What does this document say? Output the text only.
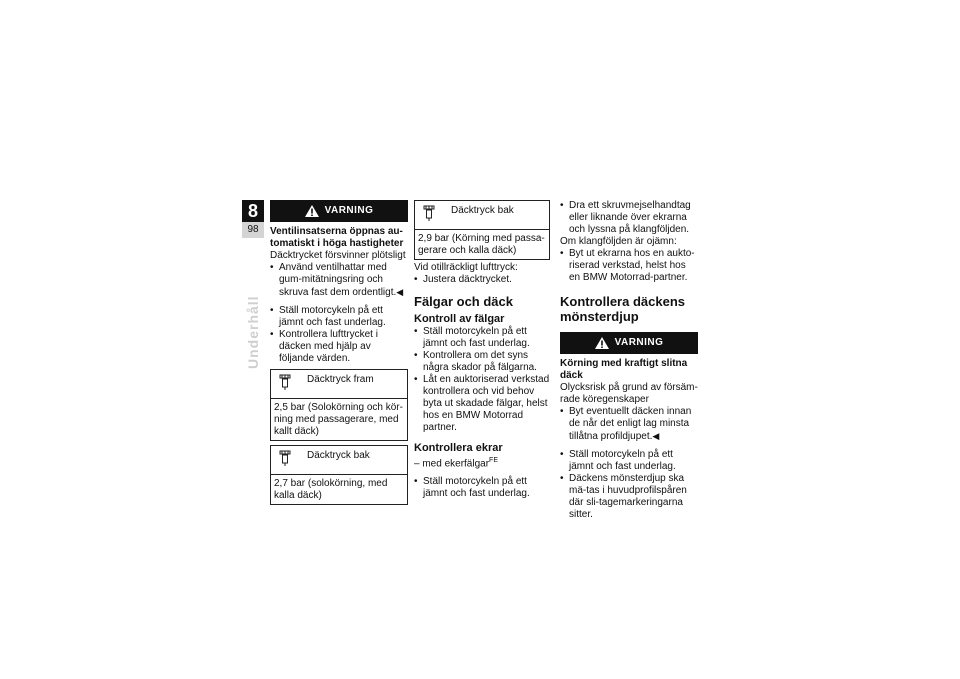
8
98
Underhåll
VARNING

Ventilinsatserna öppnas au-tomatiskt i höga hastigheter

Däcktrycket försvinner plötsligt

• Använd ventilhattar med gum-mitätningsring och skruva fast dem ordentligt.◀
• Ställ motorcykeln på ett jämnt och fast underlag.
• Kontrollera lufttrycket i däcken med hjälp av följande värden.
Däcktryck fram
2,5 bar (Solokörning och kör-ning med passagerare, med kallt däck)
Däcktryck bak
2,7 bar (solokörning, med kalla däck)
Däcktryck bak
2,9 bar (Körning med passa-gerare och kalla däck)

Vid otillräckligt lufttryck:

• Justera däcktrycket.
Fälgar och däck
Kontroll av fälgar
• Ställ motorcykeln på ett jämnt och fast underlag.
• Kontrollera om det syns några skador på fälgarna.
• Låt en auktoriserad verkstad kontrollera och vid behov byta ut skadade fälgar, helst hos en BMW Motorrad partner.
Kontrollera ekrar

– med ekerfälgar$^{FE}$

• Ställ motorcykeln på ett jämnt och fast underlag.
• Dra ett skruvmejselhandtag eller liknande över ekrarna och lyssna på klangföljden.

Om klangföljden är ojämn:

• Byt ut ekrarna hos en aukto-riserad verkstad, helst hos en BMW Motorrad-partner.
Kontrollera däckens mönsterdjup
VARNING

Körning med kraftigt slitna däck

Olycksrisk på grund av försäm-rade köregenskaper

• Byt eventuellt däcken innan de når det enligt lag minsta tillåtna profildjupet.◀
• Ställ motorcykeln på ett jämnt och fast underlag.
• Däckens mönsterdjup ska mä-tas i huvudprofilspåren där sli-tagemarkeringarna sitter.
